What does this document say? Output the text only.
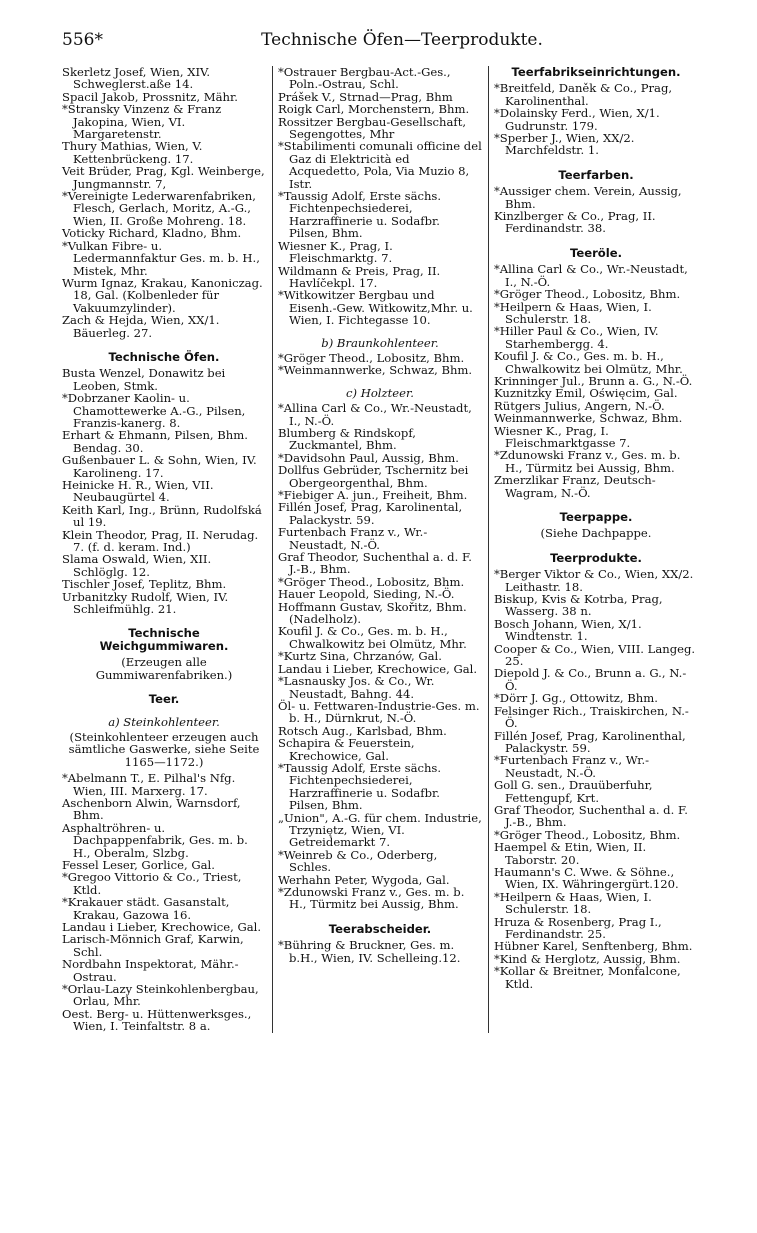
556*	Technische Öfen—Teerprodukte.

Skerletz Josef, Wien, XIV. Schweglerst.aße 14.

Spacil Jakob, Prossnitz, Mähr.

*Stransky Vinzenz & Franz Jakopina, Wien, VI. Margaretenstr.

Thury Mathias, Wien, V. Kettenbrückeng. 17.

Veit Brüder, Prag, Kgl. Weinberge, Jungmannstr. 7,

*Vereinigte Lederwarenfabriken, Flesch, Gerlach, Moritz, A.-G., Wien, II. Große Mohreng. 18.

Voticky Richard, Kladno, Bhm.

*Vulkan Fibre- u. Ledermannfaktur Ges. m. b. H., Mistek, Mhr.

Wurm Ignaz, Krakau, Kanoniczag. 18, Gal. (Kolbenleder für Vakuumzylinder).

Zach & Hejda, Wien, XX/1. Bäuerleg. 27.

Technische Öfen.

Busta Wenzel, Donawitz bei Leoben, Stmk.

*Dobrzaner Kaolin- u. Chamottewerke A.-G., Pilsen, Franzis-kanerg. 8.

Erhart & Ehmann, Pilsen, Bhm. Bendag. 30.

Gußenbauer L. & Sohn, Wien, IV. Karolineng. 17.

Heinicke H. R., Wien, VII. Neubaugürtel 4.

Keith Karl, Ing., Brünn, Rudolfská ul 19.

Klein Theodor, Prag, II. Nerudag. 7. (f. d. keram. Ind.)

Slama Oswald, Wien, XII. Schlöglg. 12.

Tischler Josef, Teplitz, Bhm.

Urbanitzky Rudolf, Wien, IV. Schleifmühlg. 21.

Technische Weichgummiwaren.
(Erzeugen alle Gummiwarenfabriken.)
Teer.
a) Steinkohlenteer.
(Steinkohlenteer erzeugen auch sämtliche Gaswerke, siehe Seite 1165—1172.)

*Abelmann T., E. Pilhal's Nfg. Wien, III. Marxerg. 17.

Aschenborn Alwin, Warnsdorf, Bhm.

Asphaltröhren- u. Dachpappenfabrik, Ges. m. b. H., Oberalm, Slzbg.

Fessel Leser, Gorlice, Gal.

*Gregoo Vittorio & Co., Triest, Ktld.

*Krakauer städt. Gasanstalt, Krakau, Gazowa 16.

Landau i Lieber, Krechowice, Gal.

Larisch-Mönnich Graf, Karwin, Schl.

Nordbahn Inspektorat, Mähr.-Ostrau.

*Orlau-Lazy Steinkohlenbergbau, Orlau, Mhr.

Oest. Berg- u. Hüttenwerksges., Wien, I. Teinfaltstr. 8 a.

*Ostrauer Bergbau-Act.-Ges., Poln.-Ostrau, Schl.

Prášek V., Strnad—Prag, Bhm

Roigk Carl, Morchenstern, Bhm.

Rossitzer Bergbau-Gesellschaft, Segengottes, Mhr

*Stabilimenti comunali officine del Gaz di Elektricità ed Acquedetto, Pola, Via Muzio 8, Istr.

*Taussig Adolf, Erste sächs. Fichtenpechsiederei, Harzraffinerie u. Sodafbr. Pilsen, Bhm.

Wiesner K., Prag, I. Fleischmarktg. 7.

Wildmann & Preis, Prag, II. Havlíčekpl. 17.

*Witkowitzer Bergbau und Eisenh.-Gew. Witkowitz,Mhr. u. Wien, I. Fichtegasse 10.

b) Braunkohlenteer.

*Gröger Theod., Lobositz, Bhm.

*Weinmannwerke, Schwaz, Bhm.

c) Holzteer.

*Allina Carl & Co., Wr.-Neustadt, I., N.-Ö.

Blumberg & Rindskopf, Zuckmantel, Bhm.

*Davidsohn Paul, Aussig, Bhm.

Dollfus Gebrüder, Tschernitz bei Obergeorgenthal, Bhm.

*Fiebiger A. jun., Freiheit, Bhm.

Fillén Josef, Prag, Karolinental, Palackystr. 59.

Furtenbach Franz v., Wr.-Neustadt, N.-Ö.

Graf Theodor, Suchenthal a. d. F. J.-B., Bhm.

*Gröger Theod., Lobositz, Bhm.

Hauer Leopold, Sieding, N.-Ö.

Hoffmann Gustav, Skořitz, Bhm. (Nadelholz).

Koufil J. & Co., Ges. m. b. H., Chwalkowitz bei Olmütz, Mhr.

*Kurtz Sina, Chrzanów, Gal.

Landau i Lieber, Krechowice, Gal.

*Lasnausky Jos. & Co., Wr. Neustadt, Bahng. 44.

Öl- u. Fettwaren-Industrie-Ges. m. b. H., Dürnkrut, N.-Ö.

Rotsch Aug., Karlsbad, Bhm.

Schapira & Feuerstein, Krechowice, Gal.

*Taussig Adolf, Erste sächs. Fichtenpechsiederei, Harzraffinerie u. Sodafbr. Pilsen, Bhm.

„Union", A.-G. für chem. Industrie, Trzyniętz, Wien, VI. Getreidemarkt 7.

*Weinreb & Co., Oderberg, Schles.

Werhahn Peter, Wygoda, Gal.

*Zdunowski Franz v., Ges. m. b. H., Türmitz bei Aussig, Bhm.

Teerabscheider.

*Bühring & Bruckner, Ges. m. b.H., Wien, IV. Schelleing.12.

Teerfabrikseinrichtungen.

*Breitfeld, Daněk & Co., Prag, Karolinenthal.

*Dolainsky Ferd., Wien, X/1. Gudrunstr. 179.

*Sperber J., Wien, XX/2. Marchfeldstr. 1.

Teerfarben.

*Aussiger chem. Verein, Aussig, Bhm.

Kinzlberger & Co., Prag, II. Ferdinandstr. 38.

Teeröle.

*Allina Carl & Co., Wr.-Neustadt, I., N.-Ö.

*Gröger Theod., Lobositz, Bhm.

*Heilpern & Haas, Wien, I. Schulerstr. 18.

*Hiller Paul & Co., Wien, IV. Starhembergg. 4.

Koufil J. & Co., Ges. m. b. H., Chwalkowitz bei Olmütz, Mhr.

Krinninger Jul., Brunn a. G., N.-Ö.

Kuznitzky Emil, Oświęcim, Gal.

Rütgers Julius, Angern, N.-Ö.

Weinmannwerke, Schwaz, Bhm.

Wiesner K., Prag, I. Fleischmarktgasse 7.

*Zdunowski Franz v., Ges. m. b. H., Türmitz bei Aussig, Bhm.

Zmerzlikar Franz, Deutsch-Wagram, N.-Ö.

Teerpappe.
(Siehe Dachpappe.
Teerprodukte.

*Berger Viktor & Co., Wien, XX/2. Leithastr. 18.

Biskup, Kvis & Kotrba, Prag, Wasserg. 38 n.

Bosch Johann, Wien, X/1. Windtenstr. 1.

Cooper & Co., Wien, VIII. Langeg. 25.

Diepold J. & Co., Brunn a. G., N.-Ö.

*Dörr J. Gg., Ottowitz, Bhm.

Felsinger Rich., Traiskirchen, N.-Ö.

Fillén Josef, Prag, Karolinenthal, Palackystr. 59.

*Furtenbach Franz v., Wr.-Neustadt, N.-Ö.

Goll G. sen., Drauüberfuhr, Fettengupf, Krt.

Graf Theodor, Suchenthal a. d. F. J.-B., Bhm.

*Gröger Theod., Lobositz, Bhm.

Haempel & Etin, Wien, II. Taborstr. 20.

Haumann's C. Wwe. & Söhne., Wien, IX. Währingergürt.120.

*Heilpern & Haas, Wien, I. Schulerstr. 18.

Hruza & Rosenberg, Prag I., Ferdinandstr. 25.

Hübner Karel, Senftenberg, Bhm.

*Kind & Herglotz, Aussig, Bhm.

*Kollar & Breitner, Monfalcone, Ktld.
